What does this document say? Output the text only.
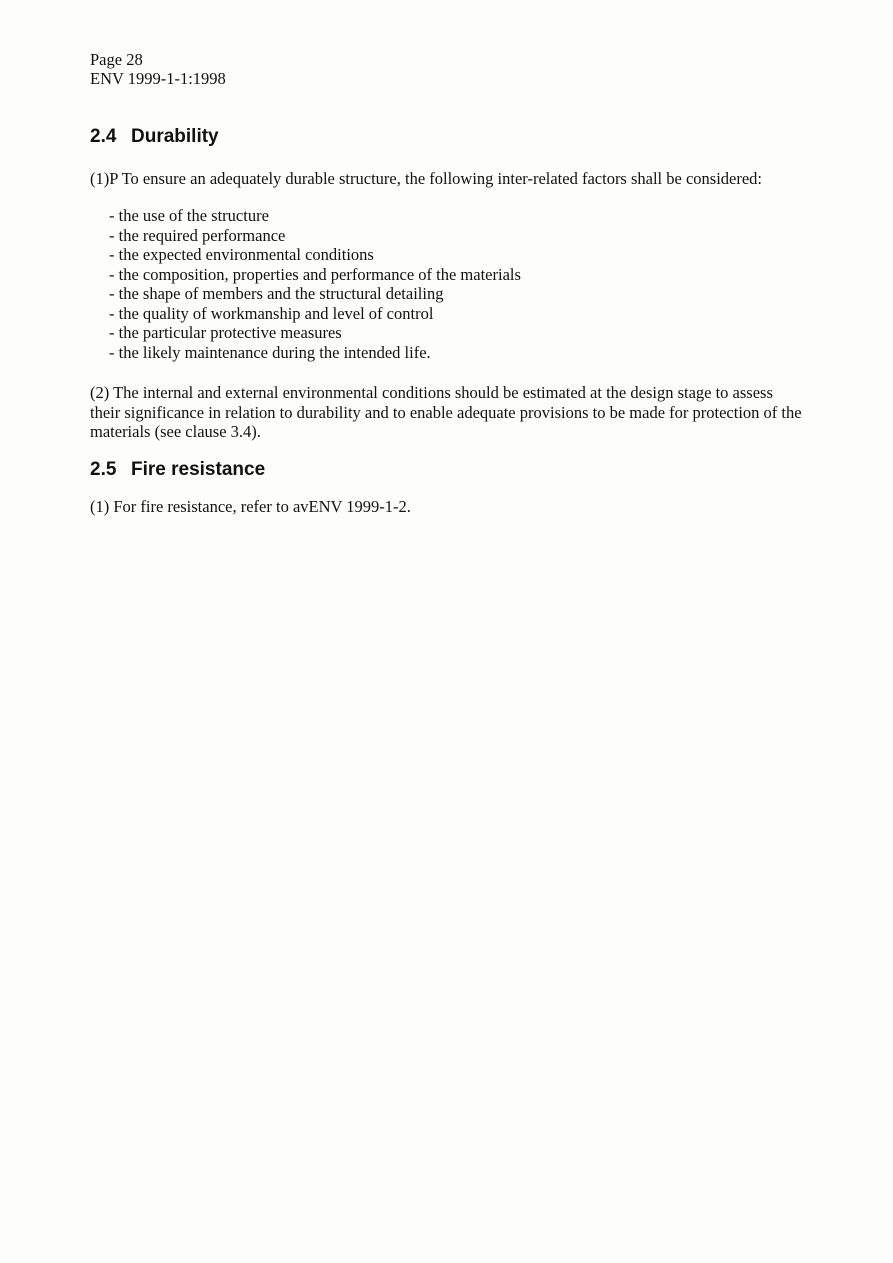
Page 28
ENV 1999-1-1:1998
2.4 Durability

(1)P To ensure an adequately durable structure, the following inter-related factors shall be considered:

- the use of the structure
- the required performance
- the expected environmental conditions
- the composition, properties and performance of the materials
- the shape of members and the structural detailing
- the quality of workmanship and level of control
- the particular protective measures
- the likely maintenance during the intended life.

(2) The internal and external environmental conditions should be estimated at the design stage to assess their significance in relation to durability and to enable adequate provisions to be made for protection of the materials (see clause 3.4).

2.5 Fire resistance

(1) For fire resistance, refer to avENV 1999-1-2.
